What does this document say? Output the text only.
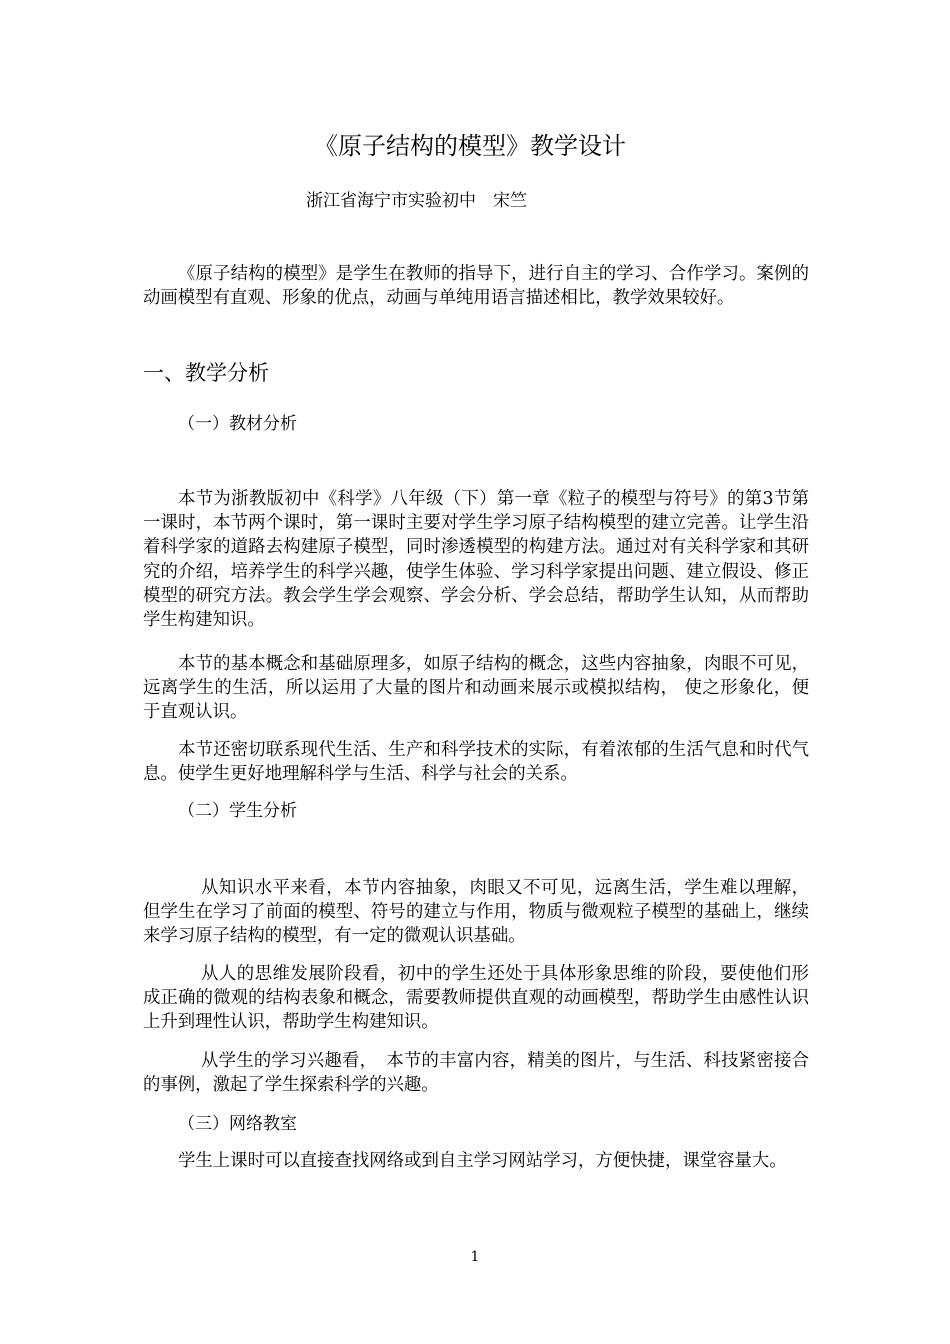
《原子结构的模型》教学设计
浙江省海宁市实验初中　宋竺

《原子结构的模型》是学生在教师的指导下，进行自主的学习、合作学习。案例的动画模型有直观、形象的优点，动画与单纯用语言描述相比，教学效果较好。

一、教学分析
（一）教材分析

本节为浙教版初中《科学》八年级（下）第一章《粒子的模型与符号》的第3节第一课时，本节两个课时，第一课时主要对学生学习原子结构模型的建立完善。让学生沿着科学家的道路去构建原子模型，同时渗透模型的构建方法。通过对有关科学家和其研究的介绍，培养学生的科学兴趣，使学生体验、学习科学家提出问题、建立假设、修正模型的研究方法。教会学生学会观察、学会分析、学会总结，帮助学生认知，从而帮助学生构建知识。

本节的基本概念和基础原理多，如原子结构的概念，这些内容抽象，肉眼不可见，远离学生的生活，所以运用了大量的图片和动画来展示或模拟结构， 使之形象化，便于直观认识。

本节还密切联系现代生活、生产和科学技术的实际，有着浓郁的生活气息和时代气息。使学生更好地理解科学与生活、科学与社会的关系。

（二）学生分析

从知识水平来看，本节内容抽象，肉眼又不可见，远离生活，学生难以理解，但学生在学习了前面的模型、符号的建立与作用，物质与微观粒子模型的基础上，继续来学习原子结构的模型，有一定的微观认识基础。

从人的思维发展阶段看，初中的学生还处于具体形象思维的阶段，要使他们形成正确的微观的结构表象和概念，需要教师提供直观的动画模型，帮助学生由感性认识上升到理性认识，帮助学生构建知识。

从学生的学习兴趣看，　本节的丰富内容，精美的图片，与生活、科技紧密接合的事例，激起了学生探索科学的兴趣。

（三）网络教室

学生上课时可以直接查找网络或到自主学习网站学习，方便快捷，课堂容量大。

1
